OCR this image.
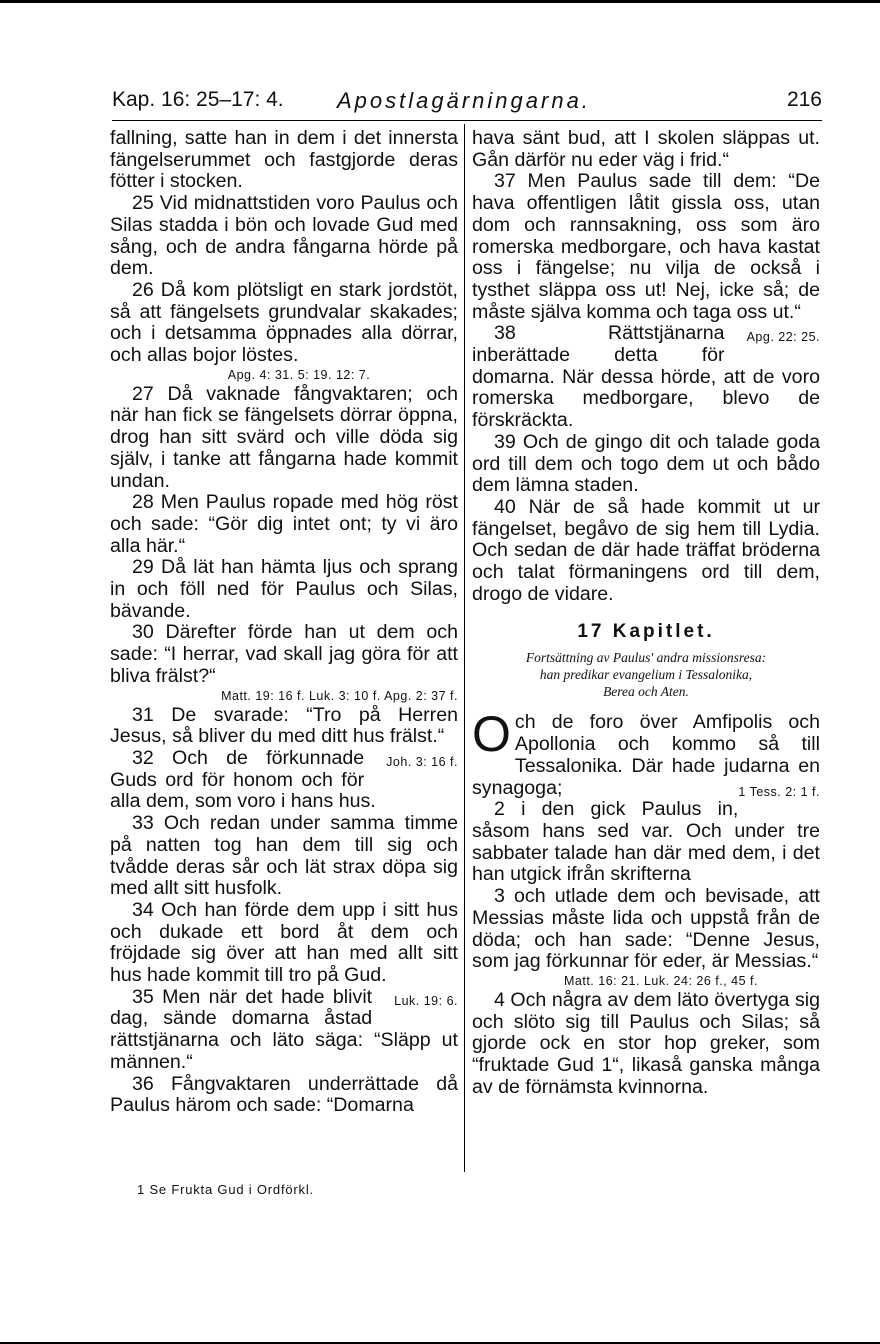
Kap. 16: 25–17: 4. Apostlagärningarna.	216

fallning, satte han in dem i det innersta fängelserummet och fastgjorde deras fötter i stocken.

25 Vid midnattstiden voro Paulus och Silas stadda i bön och lovade Gud med sång, och de andra fångarna hörde på dem.

26 Då kom plötsligt en stark jordstöt, så att fängelsets grundvalar skakades; och i detsamma öppnades alla dörrar, och allas bojor löstes.

Apg. 4: 31. 5: 19. 12: 7.

27 Då vaknade fångvaktaren; och när han fick se fängelsets dörrar öppna, drog han sitt svärd och ville döda sig själv, i tanke att fångarna hade kommit undan.

28 Men Paulus ropade med hög röst och sade: “Gör dig intet ont; ty vi äro alla här.“

29 Då lät han hämta ljus och sprang in och föll ned för Paulus och Silas, bävande.

30 Därefter förde han ut dem och sade: “I herrar, vad skall jag göra för att bliva frälst?“

Matt. 19: 16 f. Luk. 3: 10 f. Apg. 2: 37 f.

31 De svarade: “Tro på Herren Jesus, så bliver du med ditt hus frälst.“
Joh. 3: 16 f.

32 Och de förkunnade Guds ord för honom och för alla dem, som voro i hans hus.

33 Och redan under samma timme på natten tog han dem till sig och tvådde deras sår och lät strax döpa sig med allt sitt husfolk.

34 Och han förde dem upp i sitt hus och dukade ett bord åt dem och fröjdade sig över att han med allt sitt hus hade kommit till tro på Gud.
Luk. 19: 6.

35 Men när det hade blivit dag, sände domarna åstad rättstjänarna och läto säga: “Släpp ut männen.“

36 Fångvaktaren underrättade då Paulus härom och sade: “Domarna

hava sänt bud, att I skolen släppas ut. Gån därför nu eder väg i frid.“

37 Men Paulus sade till dem: “De hava offentligen låtit gissla oss, utan dom och rannsakning, oss som äro romerska medborgare, och hava kastat oss i fängelse; nu vilja de också i tysthet släppa oss ut! Nej, icke så; de måste själva komma och taga oss ut.“
Apg. 22: 25.

38 Rättstjänarna inberättade detta för domarna. När dessa hörde, att de voro romerska medborgare, blevo de förskräckta.

39 Och de gingo dit och talade goda ord till dem och togo dem ut och bådo dem lämna staden.

40 När de så hade kommit ut ur fängelset, begåvo de sig hem till Lydia. Och sedan de där hade träffat bröderna och talat förmaningens ord till dem, drogo de vidare.

17 Kapitlet.
Fortsättning av Paulus' andra missionsresa:
han predikar evangelium i Tessalonika,
Berea och Aten.

Och de foro över Amfipolis och Apollonia och kommo så till Tessalonika. Där hade judarna en synagoga;	1 Tess. 2: 1 f.

2 i den gick Paulus in, såsom hans sed var. Och under tre sabbater talade han där med dem, i det han utgick ifrån skrifterna

3 och utlade dem och bevisade, att Messias måste lida och uppstå från de döda; och han sade: “Denne Jesus, som jag förkunnar för eder, är Messias.“

Matt. 16: 21. Luk. 24: 26 f., 45 f.

4 Och några av dem läto övertyga sig och slöto sig till Paulus och Silas; så gjorde ock en stor hop greker, som “fruktade Gud 1“, likaså ganska många av de förnämsta kvinnorna.

1 Se Frukta Gud i Ordförkl.
